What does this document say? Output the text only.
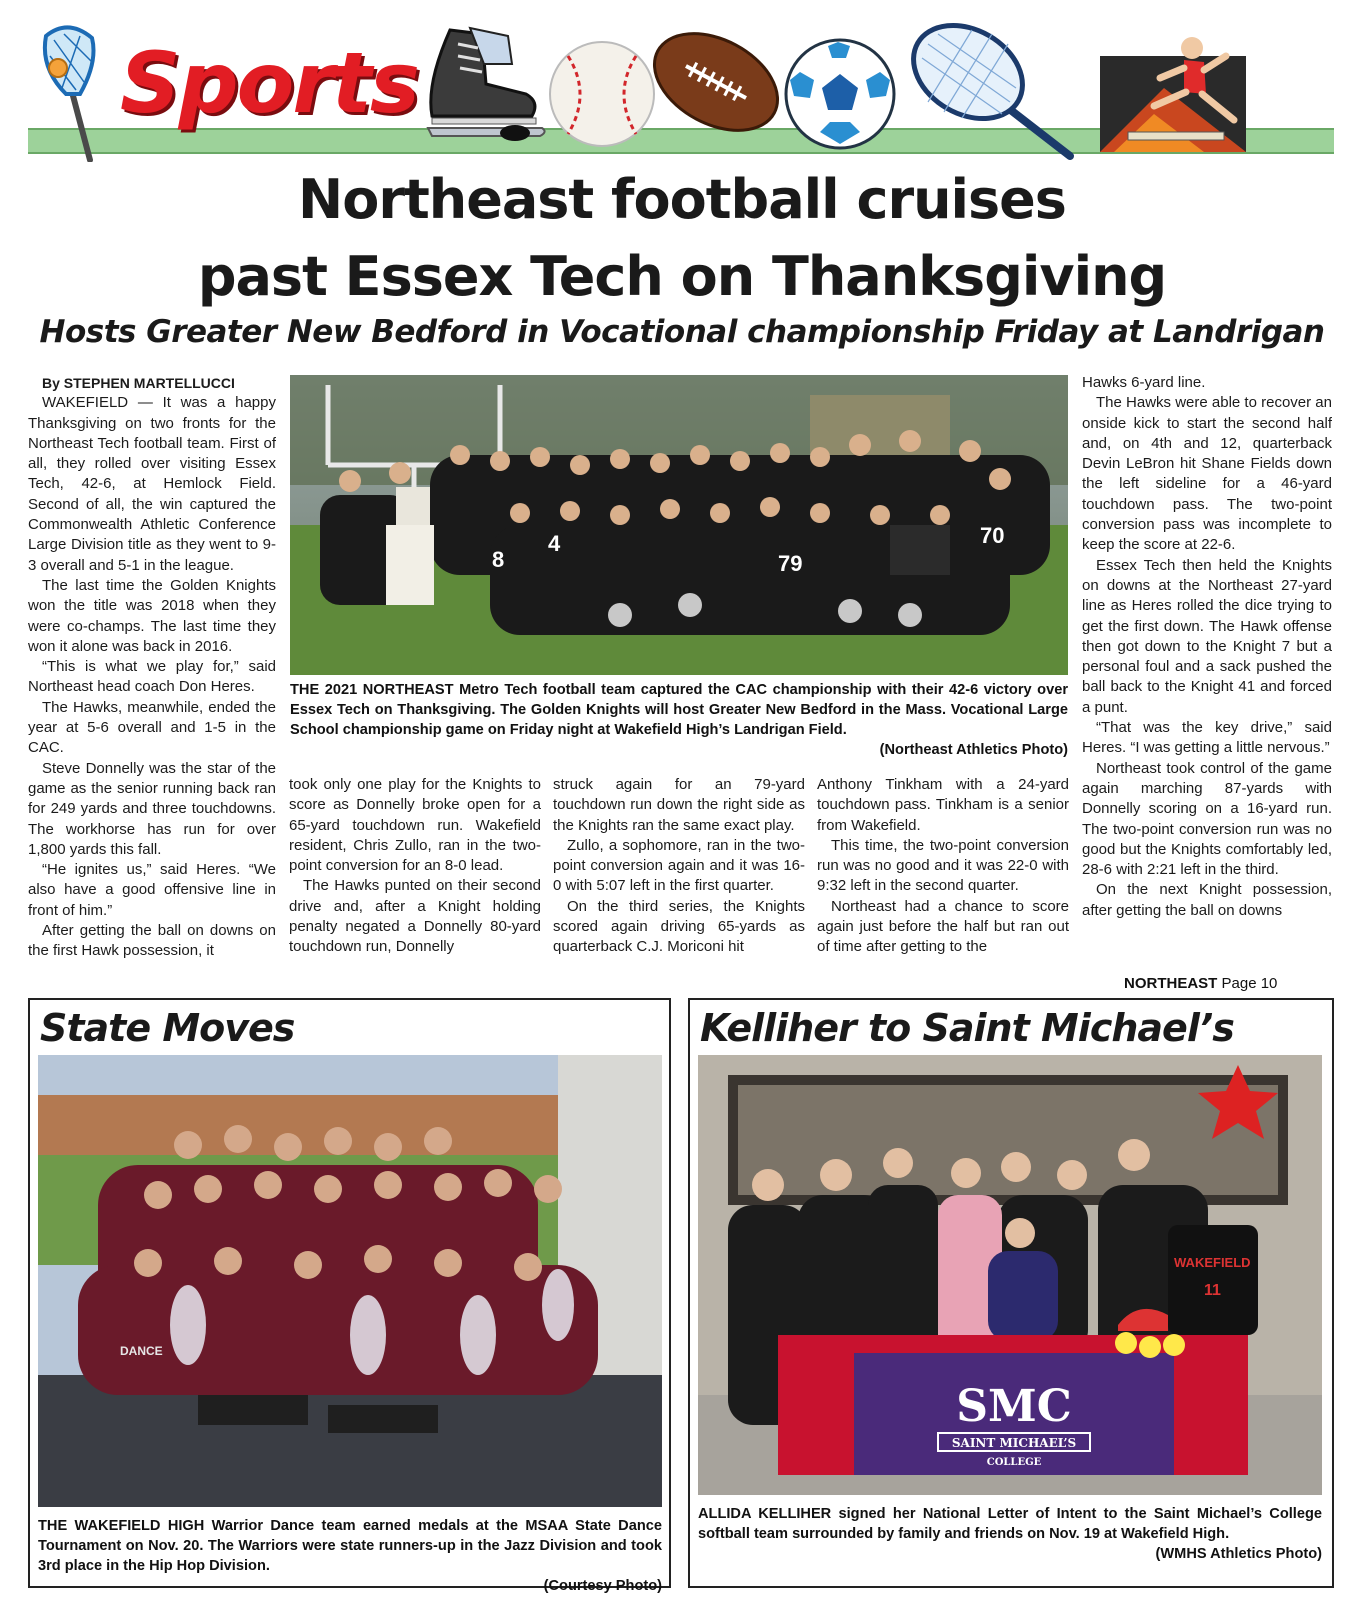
Sports
Northeast football cruises
past Essex Tech on Thanksgiving
Hosts Greater New Bedford in Vocational championship Friday at Landrigan

By STEPHEN MARTELLUCCI

WAKEFIELD — It was a happy Thanksgiving on two fronts for the Northeast Tech football team. First of all, they rolled over visiting Essex Tech, 42-6, at Hemlock Field. Second of all, the win captured the Commonwealth Athletic Conference Large Division title as they went to 9-3 overall and 5-1 in the league.

The last time the Golden Knights won the title was 2018 when they were co-champs. The last time they won it alone was back in 2016.

“This is what we play for,” said Northeast head coach Don Heres.

The Hawks, meanwhile, ended the year at 5-6 overall and 1-5 in the CAC.

Steve Donnelly was the star of the game as the senior running back ran for 249 yards and three touchdowns. The workhorse has run for over 1,800 yards this fall.

“He ignites us,” said Heres. “We also have a good offensive line in front of him.”

After getting the ball on downs on the first Hawk possession, it

70
79
8
4
THE 2021 NORTHEAST Metro Tech football team captured the CAC championship with their 42-6 victory over Essex Tech on Thanksgiving. The Golden Knights will host Greater New Bedford in the Mass. Vocational Large School championship game on Friday night at Wakefield High’s Landrigan Field.
(Northeast Athletics Photo)

took only one play for the Knights to score as Donnelly broke open for a 65-yard touchdown run. Wakefield resident, Chris Zullo, ran in the two-point conversion for an 8-0 lead.

The Hawks punted on their second drive and, after a Knight holding penalty negated a Donnelly 80-yard touchdown run, Donnelly

struck again for an 79-yard touchdown run down the right side as the Knights ran the same exact play.

Zullo, a sophomore, ran in the two-point conversion again and it was 16-0 with 5:07 left in the first quarter.

On the third series, the Knights scored again driving 65-yards as quarterback C.J. Moriconi hit

Anthony Tinkham with a 24-yard touchdown pass. Tinkham is a senior from Wakefield.

This time, the two-point conversion run was no good and it was 22-0 with 9:32 left in the second quarter.

Northeast had a chance to score again just before the half but ran out of time after getting to the

Hawks 6-yard line.

The Hawks were able to recover an onside kick to start the second half and, on 4th and 12, quarterback Devin LeBron hit Shane Fields down the left sideline for a 46-yard touchdown pass. The two-point conversion pass was incomplete to keep the score at 22-6.

Essex Tech then held the Knights on downs at the Northeast 27-yard line as Heres rolled the dice trying to get the first down. The Hawk offense then got down to the Knight 7 but a personal foul and a sack pushed the ball back to the Knight 41 and forced a punt.

“That was the key drive,” said Heres. “I was getting a little nervous.”

Northeast took control of the game again marching 87-yards with Donnelly scoring on a 16-yard run. The two-point conversion run was no good but the Knights comfortably led, 28-6 with 2:21 left in the third.

On the next Knight possession, after getting the ball on downs

NORTHEAST Page 10
State Moves
DANCE
THE WAKEFIELD HIGH Warrior Dance team earned medals at the MSAA State Dance Tournament on Nov. 20. The Warriors were state runners-up in the Jazz Division and took 3rd place in the Hip Hop Division.
(Courtesy Photo)
Kelliher to Saint Michael’s
WAKEFIELD
11
SMC
SAINT MICHAEL’S
COLLEGE
ALLIDA KELLIHER signed her National Letter of Intent to the Saint Michael’s College softball team surrounded by family and friends on Nov. 19 at Wakefield High.
(WMHS Athletics Photo)
